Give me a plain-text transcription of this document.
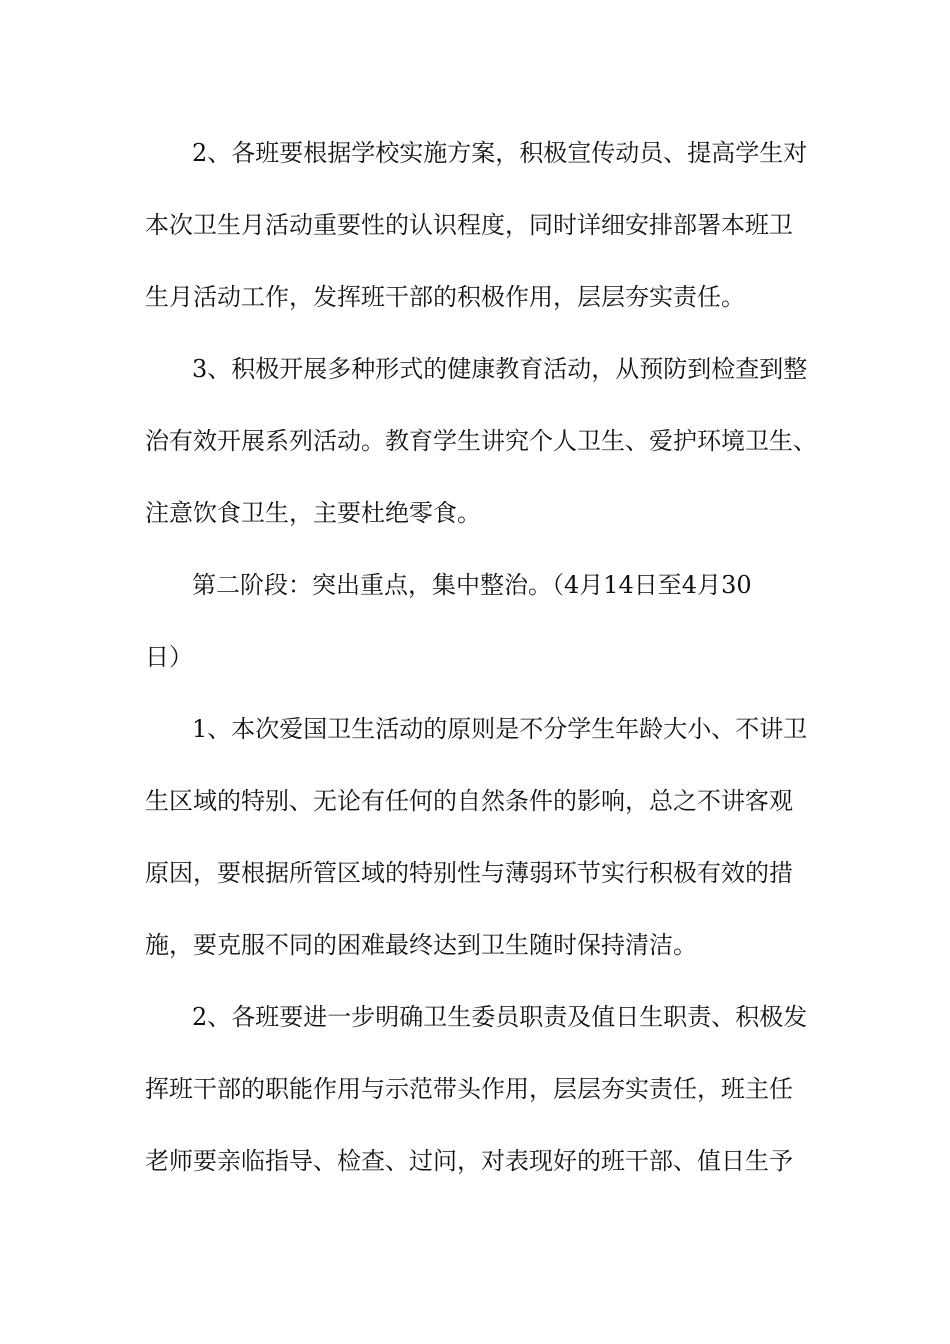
2、各班要根据学校实施方案，积极宣传动员、提高学生对
本次卫生月活动重要性的认识程度，同时详细安排部署本班卫
生月活动工作，发挥班干部的积极作用，层层夯实责任。
3、积极开展多种形式的健康教育活动，从预防到检查到整
治有效开展系列活动。教育学生讲究个人卫生、爱护环境卫生、
注意饮食卫生，主要杜绝零食。
第二阶段：突出重点，集中整治。（4月14日至4月30
日）
1、本次爱国卫生活动的原则是不分学生年龄大小、不讲卫
生区域的特别、无论有任何的自然条件的影响，总之不讲客观
原因，要根据所管区域的特别性与薄弱环节实行积极有效的措
施，要克服不同的困难最终达到卫生随时保持清洁。
2、各班要进一步明确卫生委员职责及值日生职责、积极发
挥班干部的职能作用与示范带头作用，层层夯实责任，班主任
老师要亲临指导、检查、过问，对表现好的班干部、值日生予
